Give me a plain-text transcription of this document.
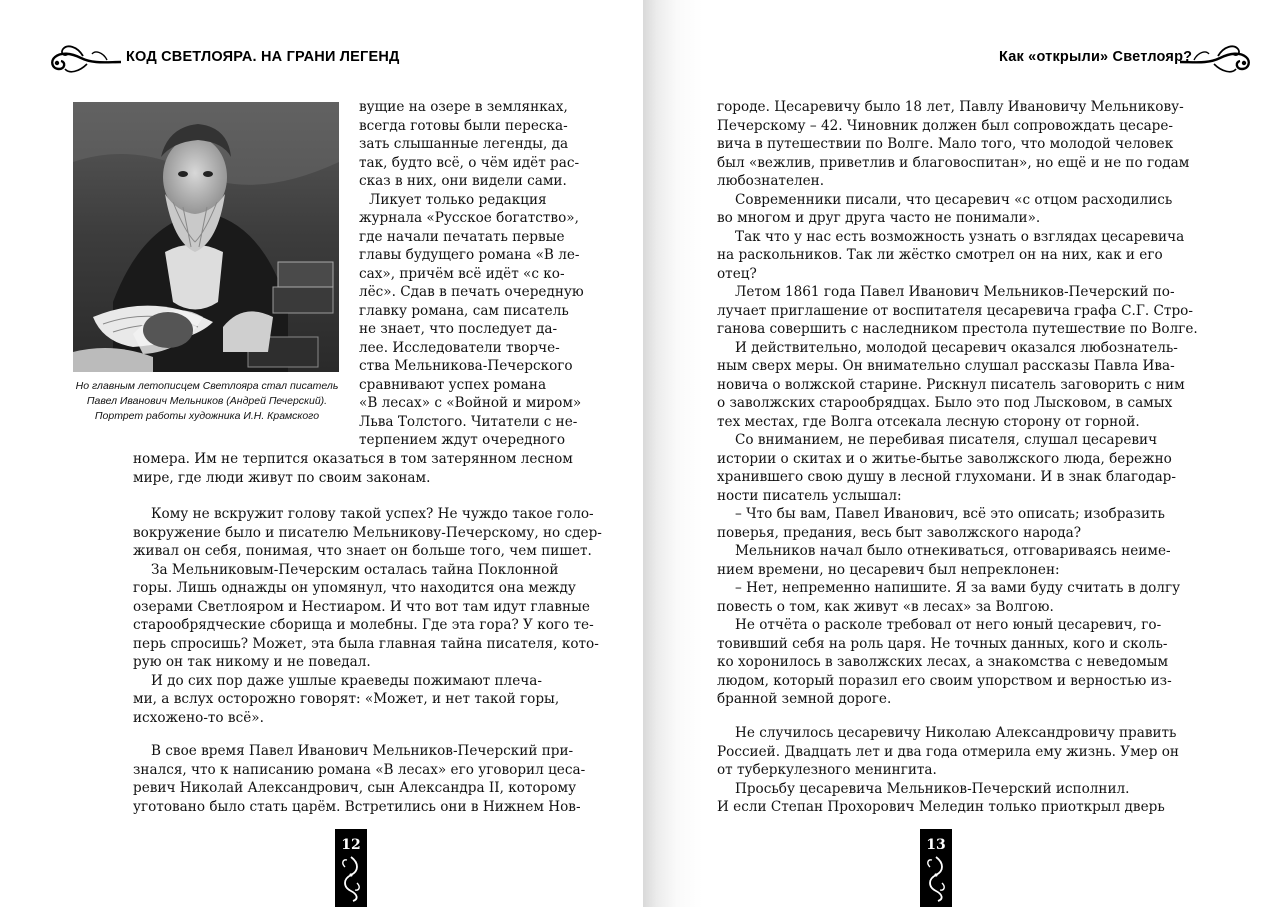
КОД СВЕТЛОЯРА. НА ГРАНИ ЛЕГЕНД
Но главным летописцем Светлояра стал писатель
Павел Иванович Мельников (Андрей Печерский).
Портрет работы художника И.Н. Крамского
вущие на озере в землянках,
всегда готовы были переска-
зать слышанные легенды, да
так, будто всё, о чём идёт рас-
сказ в них, они видели сами.
Ликует только редакция
журнала «Русское богатство»,
где начали печатать первые
главы будущего романа «В ле-
сах», причём всё идёт «с ко-
лёс». Сдав в печать очередную
главку романа, сам писатель
не знает, что последует да-
лее. Исследователи творче-
ства Мельникова-Печерского
сравнивают успех романа
«В лесах» с «Войной и миром»
Льва Толстого. Читатели с не-
терпением ждут очередного
номера. Им не терпится оказаться в том затерянном лесном
мире, где люди живут по своим законам.
Кому не вскружит голову такой успех? Не чуждо такое голо-
вокружение было и писателю Мельникову-Печерскому, но сдер-
живал он себя, понимая, что знает он больше того, чем пишет.
За Мельниковым-Печерским осталась тайна Поклонной
горы. Лишь однажды он упомянул, что находится она между
озерами Светлояром и Нестиаром. И что вот там идут главные
старообрядческие сборища и молебны. Где эта гора? У кого те-
перь спросишь? Может, эта была главная тайна писателя, кото-
рую он так никому и не поведал.
И до сих пор даже ушлые краеведы пожимают плеча-
ми, а вслух осторожно говорят: «Может, и нет такой горы,
исхожено-то всё».
В свое время Павел Иванович Мельников-Печерский при-
знался, что к написанию романа «В лесах» его уговорил цеса-
ревич Николай Александрович, сын Александра II, которому
уготовано было стать царём. Встретились они в Нижнем Нов-
12
Как «открыли» Светлояр?
городе. Цесаревичу было 18 лет, Павлу Ивановичу Мельникову-
Печерскому – 42. Чиновник должен был сопровождать цесаре-
вича в путешествии по Волге. Мало того, что молодой человек
был «вежлив, приветлив и благовоспитан», но ещё и не по годам
любознателен.
Современники писали, что цесаревич «с отцом расходились
во многом и друг друга часто не понимали».
Так что у нас есть возможность узнать о взглядах цесаревича
на раскольников. Так ли жёстко смотрел он на них, как и его
отец?
Летом 1861 года Павел Иванович Мельников-Печерский по-
лучает приглашение от воспитателя цесаревича графа С.Г. Стро-
ганова совершить с наследником престола путешествие по Волге.
И действительно, молодой цесаревич оказался любознатель-
ным сверх меры. Он внимательно слушал рассказы Павла Ива-
новича о волжской старине. Рискнул писатель заговорить с ним
о заволжских старообрядцах. Было это под Лысковом, в самых
тех местах, где Волга отсекала лесную сторону от горной.
Со вниманием, не перебивая писателя, слушал цесаревич
истории о скитах и о житье-бытье заволжского люда, бережно
хранившего свою душу в лесной глухомани. И в знак благодар-
ности писатель услышал:
– Что бы вам, Павел Иванович, всё это описать; изобразить
поверья, предания, весь быт заволжского народа?
Мельников начал было отнекиваться, отговариваясь неиме-
нием времени, но цесаревич был непреклонен:
– Нет, непременно напишите. Я за вами буду считать в долгу
повесть о том, как живут «в лесах» за Волгою.
Не отчёта о расколе требовал от него юный цесаревич, го-
товивший себя на роль царя. Не точных данных, кого и сколь-
ко хоронилось в заволжских лесах, а знакомства с неведомым
людом, который поразил его своим упорством и верностью из-
бранной земной дороге.
Не случилось цесаревичу Николаю Александровичу править
Россией. Двадцать лет и два года отмерила ему жизнь. Умер он
от туберкулезного менингита.
Просьбу цесаревича Мельников-Печерский исполнил.
И если Степан Прохорович Меледин только приоткрыл дверь
13
